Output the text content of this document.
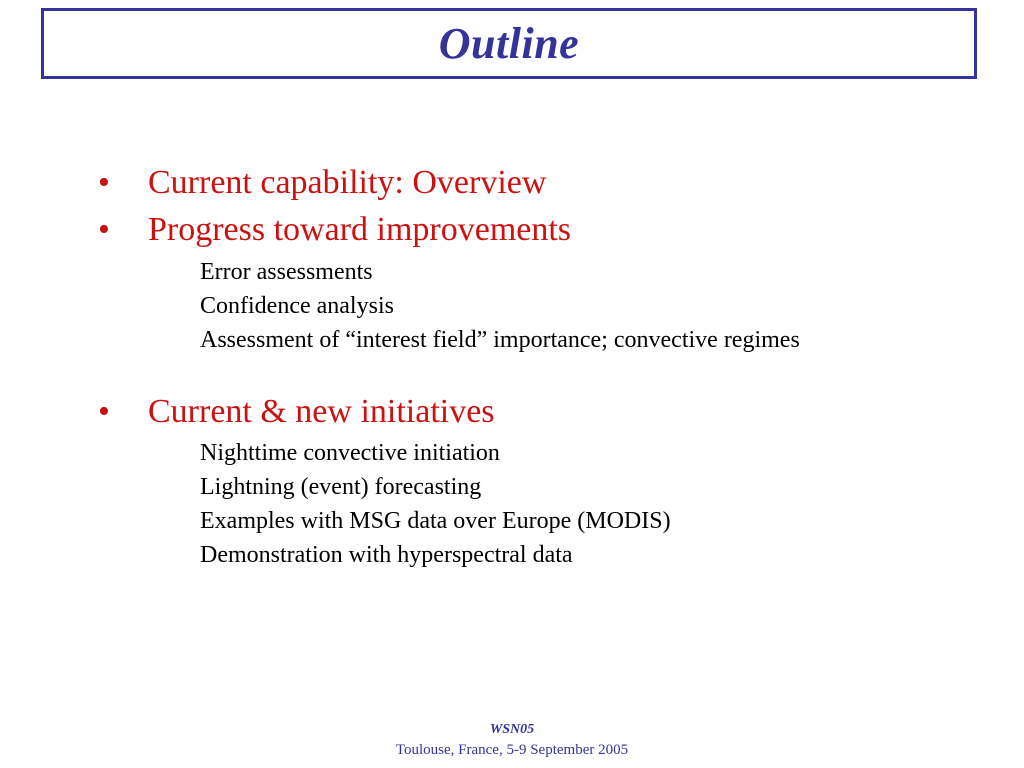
Outline
•	Current capability: Overview
•	Progress toward improvements
Error assessments
Confidence analysis
Assessment of “interest field” importance; convective regimes
•	Current & new initiatives
Nighttime convective initiation
Lightning (event) forecasting
Examples with MSG data over Europe (MODIS)
Demonstration with hyperspectral data
WSN05
Toulouse, France, 5-9 September 2005
